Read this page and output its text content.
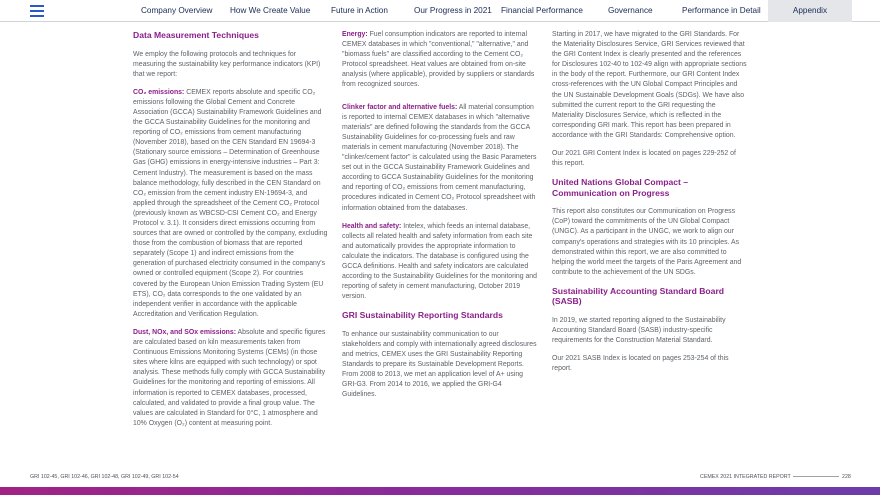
Company Overview How We Create Value	Future in Action	Our Progress in 2021 Financial Performance	Governance	Performance in Detail	Appendix
Data Measurement Techniques

We employ the following protocols and techniques for measuring the sustainability key performance indicators (KPI) that we report:

CO₂ emissions: CEMEX reports absolute and specific CO₂ emissions following the Global Cement and Concrete Association (GCCA) Sustainability Framework Guidelines and the GCCA Sustainability Guidelines for the monitoring and reporting of CO₂ emissions from cement manufacturing (November 2018), based on the CEN Standard EN 19694-3 (Stationary source emissions – Determination of Greenhouse Gas (GHG) emissions in energy-intensive industries – Part 3: Cement Industry). The measurement is based on the mass balance methodology, fully described in the CEN Standard on CO₂ emission from the cement industry EN-19694-3, and applied through the spreadsheet of the Cement CO₂ Protocol (previously known as WBCSD-CSI Cement CO₂ and Energy Protocol v. 3.1). It considers direct emissions occurring from sources that are owned or controlled by the company, excluding those from the combustion of biomass that are reported separately (Scope 1) and indirect emissions from the generation of purchased electricity consumed in the company's owned or controlled equipment (Scope 2). For countries covered by the European Union Emission Trading System (EU ETS), CO₂ data corresponds to the one validated by an independent verifier in accordance with the applicable Accreditation and Verification Regulation.

Dust, NOx, and SOx emissions: Absolute and specific figures are calculated based on kiln measurements taken from Continuous Emissions Monitoring Systems (CEMs) (in those sites where kilns are equipped with such technology) or spot analysis. These methods fully comply with GCCA Sustainability Guidelines for the monitoring and reporting of emissions. All information is reported to CEMEX databases, processed, calculated, and validated to provide a final group value. The values are calculated in Standard for 0°C, 1 atmosphere and 10% Oxygen (O₂) content at measuring point.

Energy: Fuel consumption indicators are reported to internal CEMEX databases in which "conventional," "alternative," and "biomass fuels" are classified according to the Cement CO₂ Protocol spreadsheet. Heat values are obtained from on-site analysis (where applicable), provided by suppliers or standards from recognized sources.

Clinker factor and alternative fuels: All material consumption is reported to internal CEMEX databases in which "alternative materials" are defined following the standards from the GCCA Sustainability Guidelines for co-processing fuels and raw materials in cement manufacturing (November 2018). The "clinker/cement factor" is calculated using the Basic Parameters set out in the GCCA Sustainability Framework Guidelines and according to GCCA Sustainability Guidelines for the monitoring and reporting of CO₂ emissions from cement manufacturing, procedures indicated in Cement CO₂ Protocol spreadsheet with information obtained from the databases.

Health and safety: Intelex, which feeds an internal database, collects all related health and safety information from each site and automatically provides the appropriate information to calculate the indicators. The database is configured using the GCCA definitions. Health and safety indicators are calculated according to the Sustainability Guidelines for the monitoring and reporting of safety in cement manufacturing, October 2019 version.

GRI Sustainability Reporting Standards

To enhance our sustainability communication to our stakeholders and comply with internationally agreed disclosures and metrics, CEMEX uses the GRI Sustainability Reporting Standards to prepare its Sustainable Development Reports. From 2008 to 2013, we met an application level of A+ using GRI-G3. From 2014 to 2016, we applied the GRI-G4 Guidelines.

Starting in 2017, we have migrated to the GRI Standards. For the Materiality Disclosures Service, GRI Services reviewed that the GRI Content Index is clearly presented and the references for Disclosures 102-40 to 102-49 align with appropriate sections in the body of the report. Furthermore, our GRI Content Index cross-references with the UN Global Compact Principles and the UN Sustainable Development Goals (SDGs). We have also submitted the current report to the GRI requesting the Materiality Disclosures Service, which is reflected in the corresponding GRI mark. This report has been prepared in accordance with the GRI Standards: Comprehensive option.

Our 2021 GRI Content Index is located on pages 229-252 of this report.

United Nations Global Compact – Communication on Progress

This report also constitutes our Communication on Progress (CoP) toward the commitments of the UN Global Compact (UNGC). As a participant in the UNGC, we work to align our company's operations and strategies with its 10 principles. As demonstrated within this report, we are also committed to helping the world meet the targets of the Paris Agreement and contribute to the achievement of the UN SDGs.

Sustainability Accounting Standard Board (SASB)

In 2019, we started reporting aligned to the Sustainability Accounting Standard Board (SASB) industry-specific requirements for the Construction Material Standard.

Our 2021 SASB Index is located on pages 253-254 of this report.

GRI 102-45, GRI 102-46, GRI 102-48, GRI 102-49, GRI 102-54	CEMEX 2021 INTEGRATED REPORT	228
